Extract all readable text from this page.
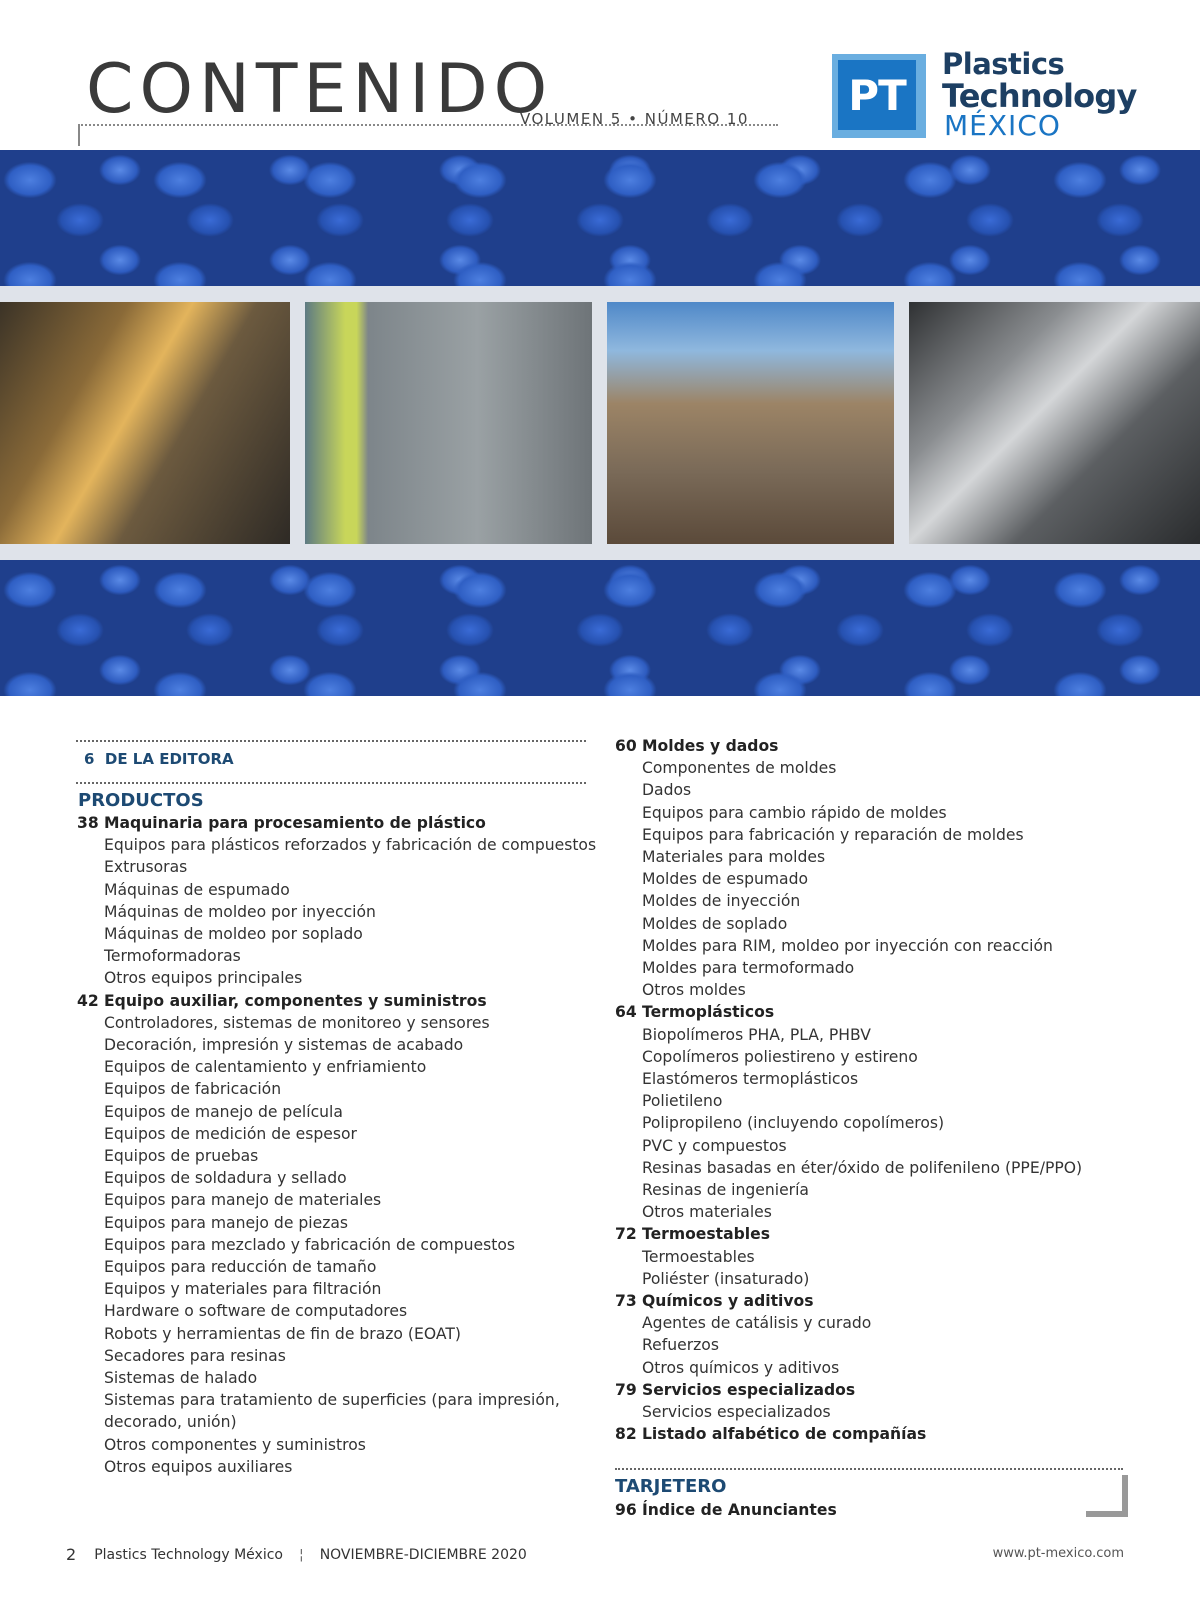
CONTENIDO
VOLUMEN 5 • NÚMERO 10 PT
Plastics
Technology
MÉXICO
6 DE LA EDITORA
PRODUCTOS
38 Maquinaria para procesamiento de plástico
Equipos para plásticos reforzados y fabricación de compuestos
Extrusoras
Máquinas de espumado
Máquinas de moldeo por inyección
Máquinas de moldeo por soplado
Termoformadoras
Otros equipos principales
42 Equipo auxiliar, componentes y suministros
Controladores, sistemas de monitoreo y sensores
Decoración, impresión y sistemas de acabado
Equipos de calentamiento y enfriamiento
Equipos de fabricación
Equipos de manejo de película
Equipos de medición de espesor
Equipos de pruebas
Equipos de soldadura y sellado
Equipos para manejo de materiales
Equipos para manejo de piezas
Equipos para mezclado y fabricación de compuestos
Equipos para reducción de tamaño
Equipos y materiales para filtración
Hardware o software de computadores
Robots y herramientas de fin de brazo (EOAT)
Secadores para resinas
Sistemas de halado
Sistemas para tratamiento de superficies (para impresión, decorado, unión)
Otros componentes y suministros
Otros equipos auxiliares
60 Moldes y dados
Componentes de moldes
Dados
Equipos para cambio rápido de moldes
Equipos para fabricación y reparación de moldes
Materiales para moldes
Moldes de espumado
Moldes de inyección
Moldes de soplado
Moldes para RIM, moldeo por inyección con reacción
Moldes para termoformado
Otros moldes
64 Termoplásticos
Biopolímeros PHA, PLA, PHBV
Copolímeros poliestireno y estireno
Elastómeros termoplásticos
Polietileno
Polipropileno (incluyendo copolímeros)
PVC y compuestos
Resinas basadas en éter/óxido de polifenileno (PPE/PPO)
Resinas de ingeniería
Otros materiales
72 Termoestables
Termoestables
Poliéster (insaturado)
73 Químicos y aditivos
Agentes de catálisis y curado
Refuerzos
Otros químicos y aditivos
79 Servicios especializados
Servicios especializados
82 Listado alfabético de compañías
TARJETERO
96 Índice de Anunciantes
2 Plastics Technology México ¦ NOVIEMBRE-DICIEMBRE 2020	www.pt-mexico.com
